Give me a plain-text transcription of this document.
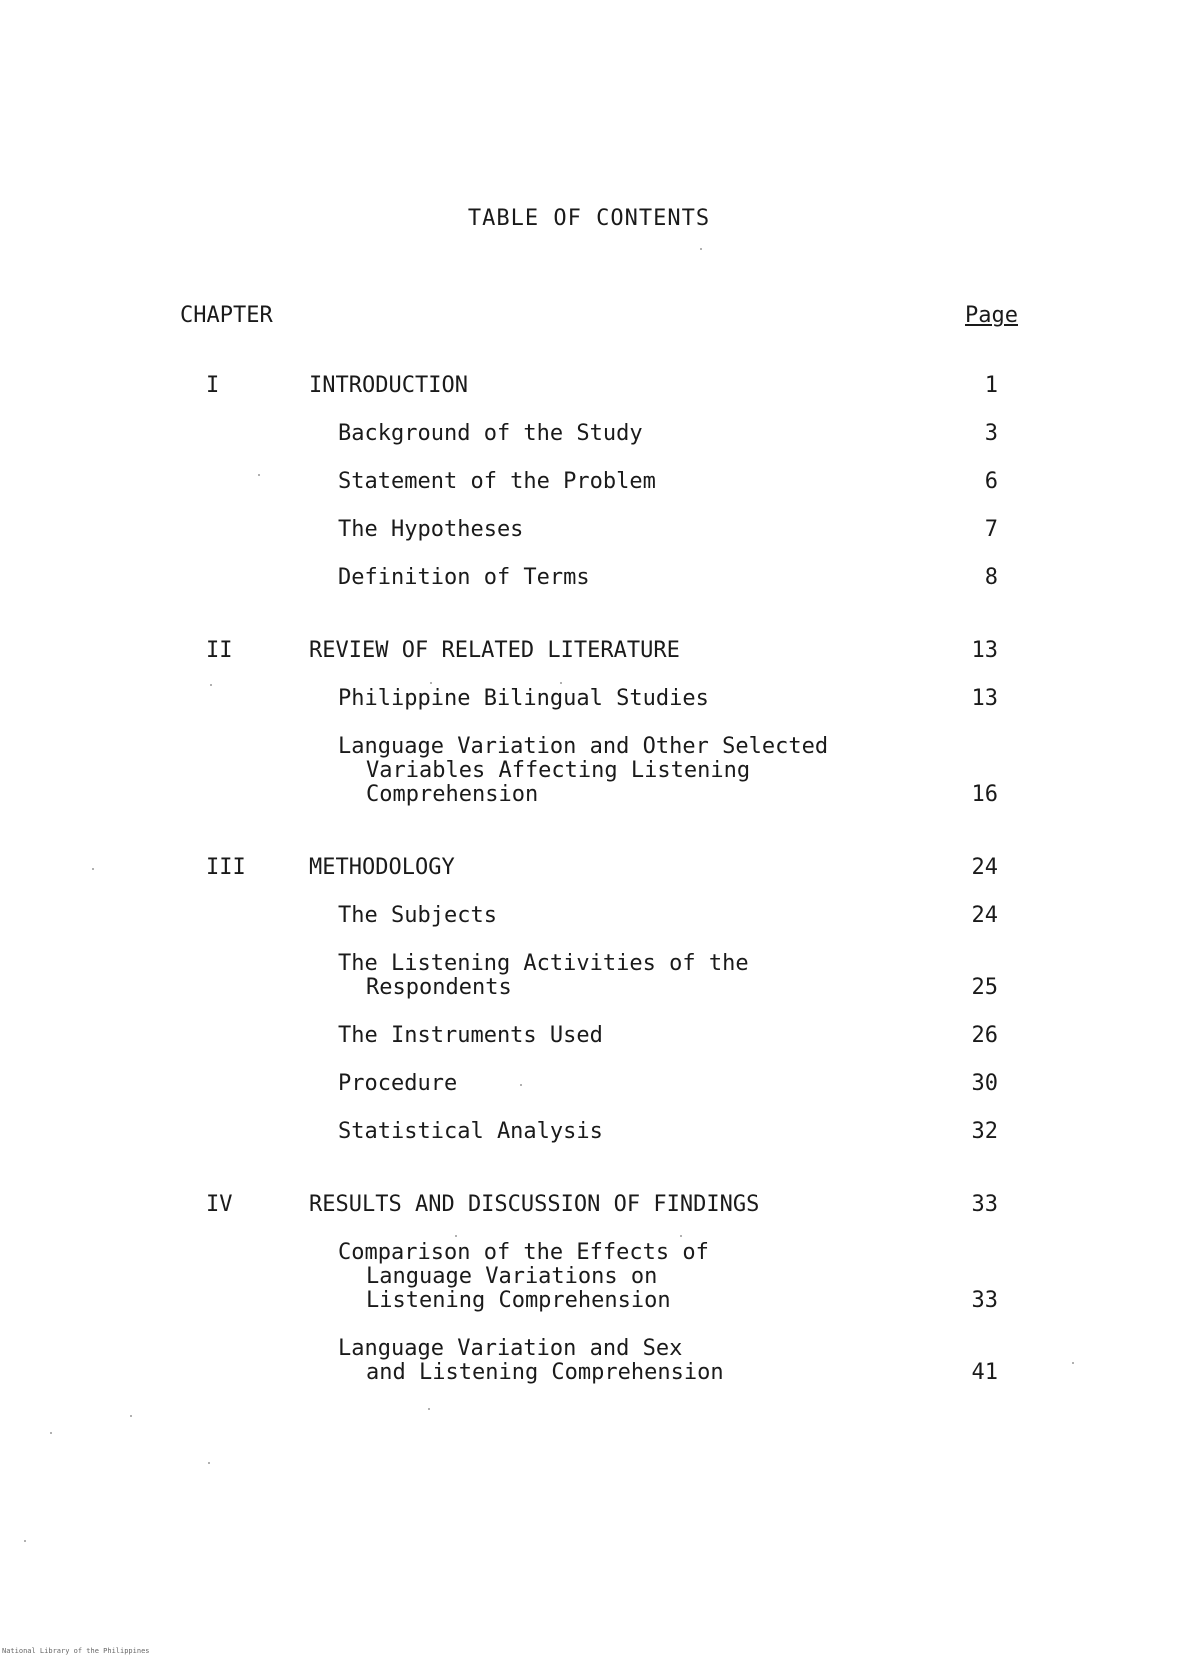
TABLE OF CONTENTS
CHAPTER	Page
I	INTRODUCTION	1
Background of the Study	3
Statement of the Problem	6
The Hypotheses	7
Definition of Terms	8
II	REVIEW OF RELATED LITERATURE	13
Philippine Bilingual Studies	13
Language Variation and Other Selected
Variables Affecting Listening
Comprehension	16
III	METHODOLOGY	24
The Subjects	24
The Listening Activities of the
Respondents	25
The Instruments Used	26
Procedure	30
Statistical Analysis	32
IV	RESULTS AND DISCUSSION OF FINDINGS	33
Comparison of the Effects of
Language Variations on
Listening Comprehension	33
Language Variation and Sex
and Listening Comprehension	41
National Library of the Philippines
